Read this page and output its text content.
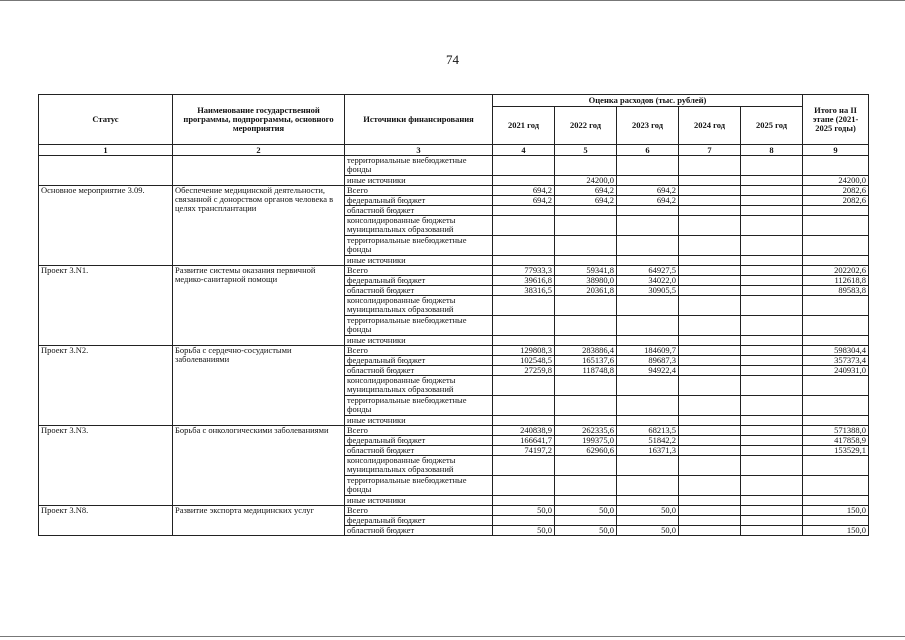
74
Статус	Наименование государственной программы, подпрограммы, основного мероприятия	Источники финансирования	Оценка расходов (тыс. рублей)					Итого на II этапе (2021-2025 годы)
			2021 год	2022 год	2023 год	2024 год	2025 год	
1	2	3	4	5	6	7	8	9
		территориальные внебюджетные фонды						
		иные источники		24200,0				24200,0
Основное мероприятие 3.09.	Обеспечение медицинской деятельности, связанной с донорством органов человека в целях трансплантации	Всего	694,2	694,2	694,2			2082,6
		федеральный бюджет	694,2	694,2	694,2			2082,6
		областной бюджет						
		консолидированные бюджеты муниципальных образований						
		территориальные внебюджетные фонды						
		иные источники						
Проект 3.N1.	Развитие системы оказания первичной медико-санитарной помощи	Всего	77933,3	59341,8	64927,5			202202,6
		федеральный бюджет	39616,8	38980,0	34022,0			112618,8
		областной бюджет	38316,5	20361,8	30905,5			89583,8
		консолидированные бюджеты муниципальных образований						
		территориальные внебюджетные фонды						
		иные источники						
Проект 3.N2.	Борьба с сердечно-сосудистыми заболеваниями	Всего	129808,3	283886,4	184609,7			598304,4
		федеральный бюджет	102548,5	165137,6	89687,3			357373,4
		областной бюджет	27259,8	118748,8	94922,4			240931,0
		консолидированные бюджеты муниципальных образований						
		территориальные внебюджетные фонды						
		иные источники						
Проект 3.N3.	Борьба с онкологическими заболеваниями	Всего	240838,9	262335,6	68213,5			571388,0
		федеральный бюджет	166641,7	199375,0	51842,2			417858,9
		областной бюджет	74197,2	62960,6	16371,3			153529,1
		консолидированные бюджеты муниципальных образований						
		территориальные внебюджетные фонды						
		иные источники						
Проект 3.N8.	Развитие экспорта медицинских услуг	Всего	50,0	50,0	50,0			150,0
		федеральный бюджет						
		областной бюджет	50,0	50,0	50,0			150,0
